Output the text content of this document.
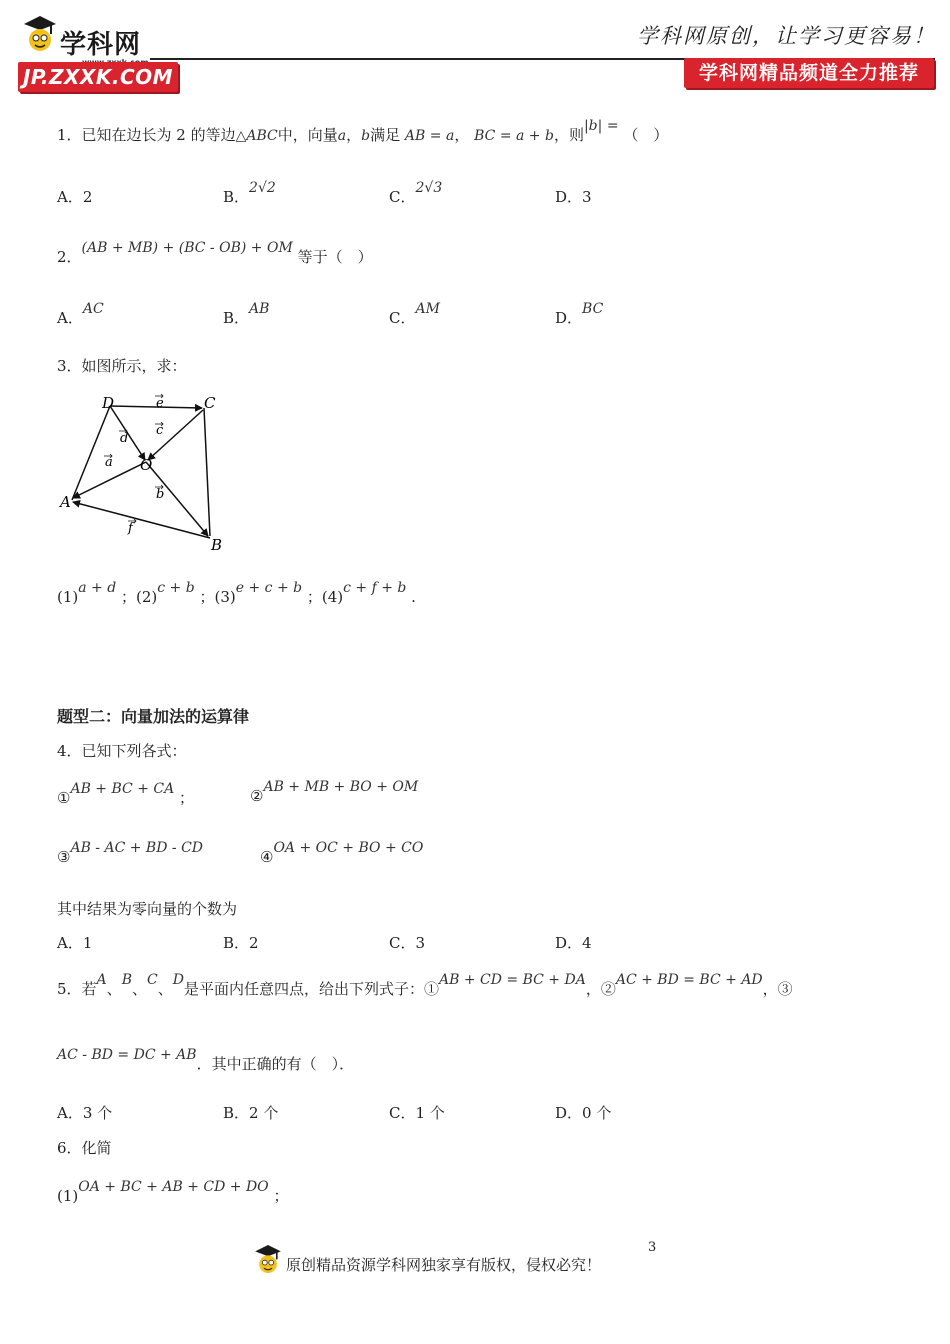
学科网
JP.ZXXK.COM
学科网原创，让学习更容易！
学科网精品频道全力推荐
1．已知在边长为 2 的等边△ABC中，向量a，b满足 AB = a， BC = a + b，则|b| = （　）
A．2	B．2√2	C．2√3	D．3
2．(AB + MB) + (BC - OB) + OM 等于（　）
A．AC	B．AB	C．AM	D．BC
3．如图所示，求：
D	C
O
A
B
e
d
c
a
b
f
(1)a + d ；(2)c + b ；(3)e + c + b ；(4)c + f + b .
题型二：向量加法的运算律
4．已知下列各式：
①AB + BC + CA ；	②AB + MB + BO + OM
③AB - AC + BD - CD	④OA + OC + BO + CO
其中结果为零向量的个数为
A．1	B．2	C．3	D．4
5．若A、B、C、D是平面内任意四点，给出下列式子：①AB + CD = BC + DA，②AC + BD = BC + AD，③
AC - BD = DC + AB．其中正确的有（　）．
A．3 个	B．2 个	C．1 个	D．0 个
6．化简
(1)OA + BC + AB + CD + DO ；
原创精品资源学科网独家享有版权，侵权必究！
3
